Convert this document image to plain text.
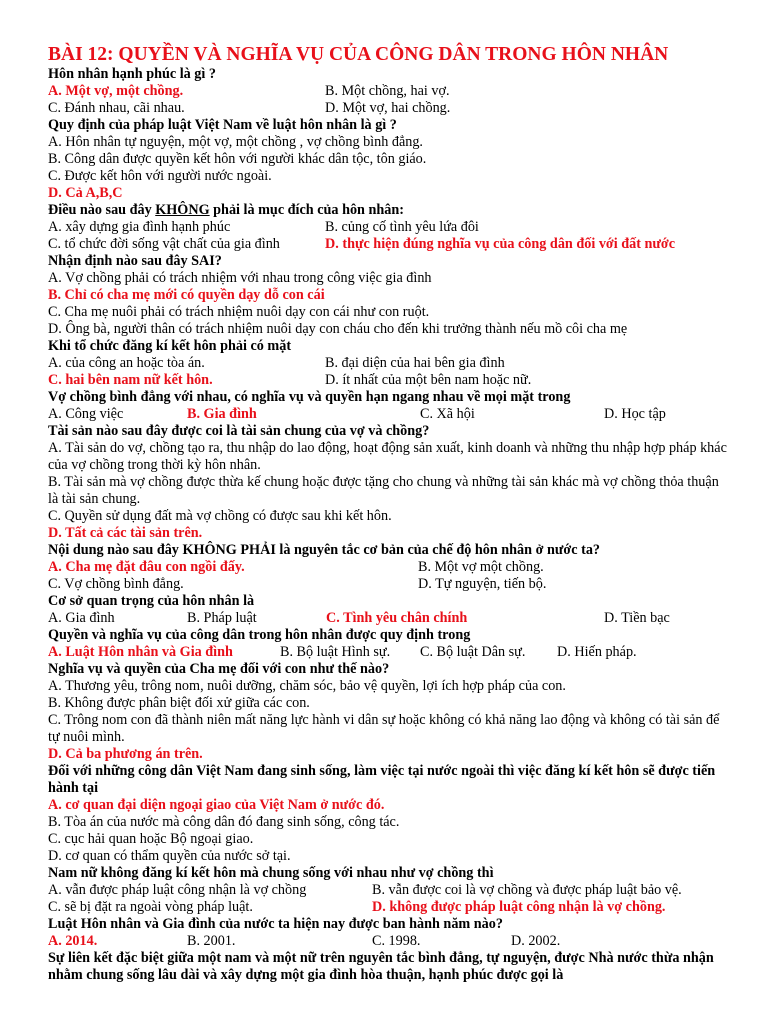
BÀI 12: QUYỀN VÀ NGHĨA VỤ CỦA CÔNG DÂN TRONG HÔN NHÂN
Hôn nhân hạnh phúc là gì ?
A. Một vợ, một chồng.	B. Một chồng, hai vợ.
C. Đánh nhau, cãi nhau.	D. Một vợ, hai chồng.
Quy định của pháp luật Việt Nam về luật hôn nhân là gì ?
A. Hôn nhân tự nguyện, một vợ, một chồng , vợ chồng bình đẳng.
B. Công dân được quyền kết hôn với người khác dân tộc, tôn giáo.
C. Được kết hôn với người nước ngoài.
D. Cả A,B,C
Điều nào sau đây KHÔNG phải là mục đích của hôn nhân:
A. xây dựng gia đình hạnh phúc	B. củng cố tình yêu lứa đôi
C. tổ chức đời sống vật chất của gia đình	D. thực hiện đúng nghĩa vụ của công dân đối với đất nước
Nhận định nào sau đây SAI?
A. Vợ chồng phải có trách nhiệm với nhau trong công việc gia đình
B. Chỉ có cha mẹ mới có quyền dạy dỗ con cái
C. Cha mẹ nuôi phải có trách nhiệm nuôi dạy con cái như con ruột.
D. Ông bà, người thân có trách nhiệm nuôi dạy con cháu cho đến khi trưởng thành nếu mồ côi cha mẹ
Khi tổ chức đăng kí kết hôn phải có mặt
A. của công an hoặc tòa án.	B. đại diện của hai bên gia đình
C. hai bên nam nữ kết hôn.	D. ít nhất của một bên nam hoặc nữ.
Vợ chồng bình đẳng với nhau, có nghĩa vụ và quyền hạn ngang nhau về mọi mặt trong
A. Công việc	B. Gia đình	C. Xã hội	D. Học tập
Tài sản nào sau đây được coi là tài sản chung của vợ và chồng?
A. Tài sản do vợ, chồng tạo ra, thu nhập do lao động, hoạt động sản xuất, kinh doanh và những thu nhập hợp pháp khác của vợ chồng trong thời kỳ hôn nhân.
B. Tài sản mà vợ chồng được thừa kế chung hoặc được tặng cho chung và những tài sản khác mà vợ chồng thỏa thuận là tài sản chung.
C. Quyền sử dụng đất mà vợ chồng có được sau khi kết hôn.
D. Tất cả các tài sản trên.
Nội dung nào sau đây KHÔNG PHẢI là nguyên tắc cơ bản của chế độ hôn nhân ở nước ta?
A. Cha mẹ đặt đâu con ngồi đấy.	B. Một vợ một chồng.
C. Vợ chồng bình đẳng.	D. Tự nguyện, tiến bộ.
Cơ sở quan trọng của hôn nhân là
A. Gia đình	B. Pháp luật	C. Tình yêu chân chính	D. Tiền bạc
Quyền và nghĩa vụ của công dân trong hôn nhân được quy định trong
A. Luật Hôn nhân và Gia đình	B. Bộ luật Hình sự. C. Bộ luật Dân sự. D. Hiến pháp.
Nghĩa vụ và quyền của Cha mẹ đối với con như thế nào?
A. Thương yêu, trông nom, nuôi dưỡng, chăm sóc, bảo vệ quyền, lợi ích hợp pháp của con.
B. Không được phân biệt đối xử giữa các con.
C. Trông nom con đã thành niên mất năng lực hành vi dân sự hoặc không có khả năng lao động và không có tài sản để tự nuôi mình.
D. Cả ba phương án trên.
Đối với những công dân Việt Nam đang sinh sống, làm việc tại nước ngoài thì việc đăng kí kết hôn sẽ được tiến hành tại
A. cơ quan đại diện ngoại giao của Việt Nam ở nước đó.
B. Tòa án của nước mà công dân đó đang sinh sống, công tác.
C. cục hải quan hoặc Bộ ngoại giao.
D. cơ quan có thẩm quyền của nước sở tại.
Nam nữ không đăng kí kết hôn mà chung sống với nhau như vợ chồng thì
A. vẫn được pháp luật công nhận là vợ chồng	B. vẫn được coi là vợ chồng và được pháp luật bảo vệ.
C. sẽ bị đặt ra ngoài vòng pháp luật.	D. không được pháp luật công nhận là vợ chồng.
Luật Hôn nhân và Gia đình của nước ta hiện nay được ban hành năm nào?
A. 2014.	B. 2001.	C. 1998.	D. 2002.
Sự liên kết đặc biệt giữa một nam và một nữ trên nguyên tắc bình đẳng, tự nguyện, được Nhà nước thừa nhận nhằm chung sống lâu dài và xây dựng một gia đình hòa thuận, hạnh phúc được gọi là
